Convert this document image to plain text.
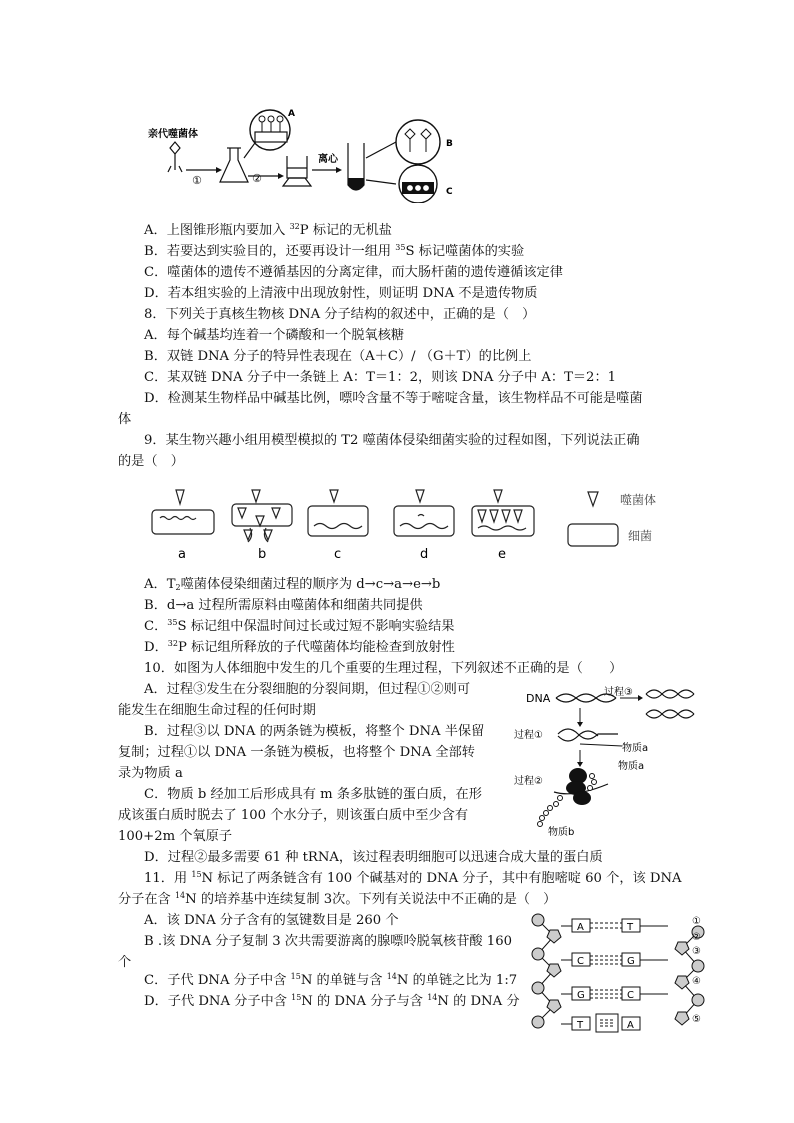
亲代噬菌体
①	②
A
离心
B
C
A．上图锥形瓶内要加入 $^{32}$P 标记的无机盐
B．若要达到实验目的，还要再设计一组用 $^{35}$S 标记噬菌体的实验
C．噬菌体的遗传不遵循基因的分离定律，而大肠杆菌的遗传遵循该定律
D．若本组实验的上清液中出现放射性，则证明 DNA 不是遗传物质
8．下列关于真核生物核 DNA 分子结构的叙述中，正确的是（　）
A．每个碱基均连着一个磷酸和一个脱氧核糖
B．双链 DNA 分子的特异性表现在（A＋C）/ （G＋T）的比例上
C．某双链 DNA 分子中一条链上 A：T＝1：2，则该 DNA 分子中 A：T＝2：1
D．检测某生物样品中碱基比例，嘌呤含量不等于嘧啶含量，该生物样品不可能是噬菌
体
9．某生物兴趣小组用模型模拟的 T2 噬菌体侵染细菌实验的过程如图，下列说法正确
的是（　）
a	b	c	d	e
噬菌体
细菌
A．$T_2$噬菌体侵染细菌过程的顺序为 d→c→a→e→b
B．d→a 过程所需原料由噬菌体和细菌共同提供
C．$^{35}$S 标记组中保温时间过长或过短不影响实验结果
D．$^{32}$P 标记组所释放的子代噬菌体均能检查到放射性
10．如图为人体细胞中发生的几个重要的生理过程，下列叙述不正确的是（　　）
A．过程③发生在分裂细胞的分裂间期，但过程①②则可
能发生在细胞生命过程的任何时期
B．过程③以 DNA 的两条链为模板，将整个 DNA 半保留
复制；过程①以 DNA 一条链为模板，也将整个 DNA 全部转
录为物质 a
C．物质 b 经加工后形成具有 m 条多肽链的蛋白质，在形
成该蛋白质时脱去了 100 个水分子，则该蛋白质中至少含有
100+2m 个氧原子
D．过程②最多需要 61 种 tRNA，该过程表明细胞可以迅速合成大量的蛋白质
DNA	过程③
过程①
物质a
物质a
过程②
物质b
11．用 $^{15}$N 标记了两条链含有 100 个碱基对的 DNA 分子，其中有胞嘧啶 60 个，该 DNA
分子在含 $^{14}$N 的培养基中连续复制 3次。下列有关说法中不正确的是（　）
A．该 DNA 分子含有的氢键数目是 260 个
B .该 DNA 分子复制 3 次共需要游离的腺嘌呤脱氧核苷酸 160
个
C．子代 DNA 分子中含 $^{15}$N 的单链与含 $^{14}$N 的单链之比为 1:7
D．子代 DNA 分子中含 $^{15}$N 的 DNA 分子与含 $^{14}$N 的 DNA 分
A
C
G
T
T
G
C
A
①
②
③
④
⑤
